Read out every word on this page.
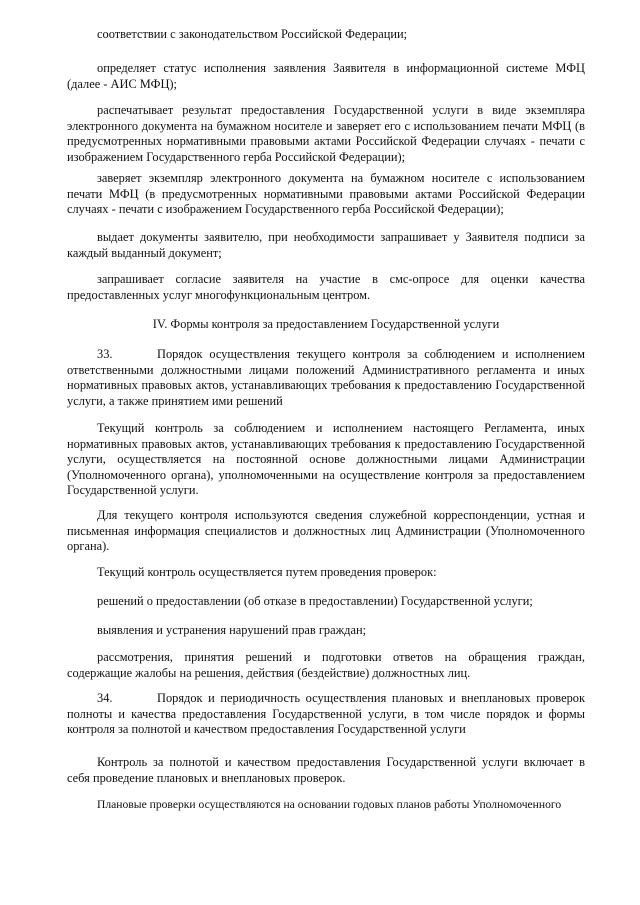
соответствии с законодательством Российской Федерации;

определяет статус исполнения заявления Заявителя в информационной системе МФЦ (далее - АИС МФЦ);

распечатывает результат предоставления Государственной услуги в виде экземпляра электронного документа на бумажном носителе и заверяет его с использованием печати МФЦ (в предусмотренных нормативными правовыми актами Российской Федерации случаях - печати с изображением Государственного герба Российской Федерации);

заверяет экземпляр электронного документа на бумажном носителе с использованием печати МФЦ (в предусмотренных нормативными правовыми актами Российской Федерации случаях - печати с изображением Государственного герба Российской Федерации);

выдает документы заявителю, при необходимости запрашивает у Заявителя подписи за каждый выданный документ;

запрашивает согласие заявителя на участие в смс-опросе для оценки качества предоставленных услуг многофункциональным центром.

IV. Формы контроля за предоставлением Государственной услуги

33.	Порядок осуществления текущего контроля за соблюдением и исполнением ответственными должностными лицами положений Административного регламента и иных нормативных правовых актов, устанавливающих требования к предоставлению Государственной услуги, а также принятием ими решений

Текущий контроль за соблюдением и исполнением настоящего Регламента, иных нормативных правовых актов, устанавливающих требования к предоставлению Государственной услуги, осуществляется на постоянной основе должностными лицами Администрации (Уполномоченного органа), уполномоченными на осуществление контроля за предоставлением Государственной услуги.

Для текущего контроля используются сведения служебной корреспонденции, устная и письменная информация специалистов и должностных лиц Администрации (Уполномоченного органа).

Текущий контроль осуществляется путем проведения проверок:

решений о предоставлении (об отказе в предоставлении) Государственной услуги;

выявления и устранения нарушений прав граждан;

рассмотрения, принятия решений и подготовки ответов на обращения граждан, содержащие жалобы на решения, действия (бездействие) должностных лиц.

34.	Порядок и периодичность осуществления плановых и внеплановых проверок полноты и качества предоставления Государственной услуги, в том числе порядок и формы контроля за полнотой и качеством предоставления Государственной услуги

Контроль за полнотой и качеством предоставления Государственной услуги включает в себя проведение плановых и внеплановых проверок.

Плановые проверки осуществляются на основании годовых планов работы Уполномоченного
